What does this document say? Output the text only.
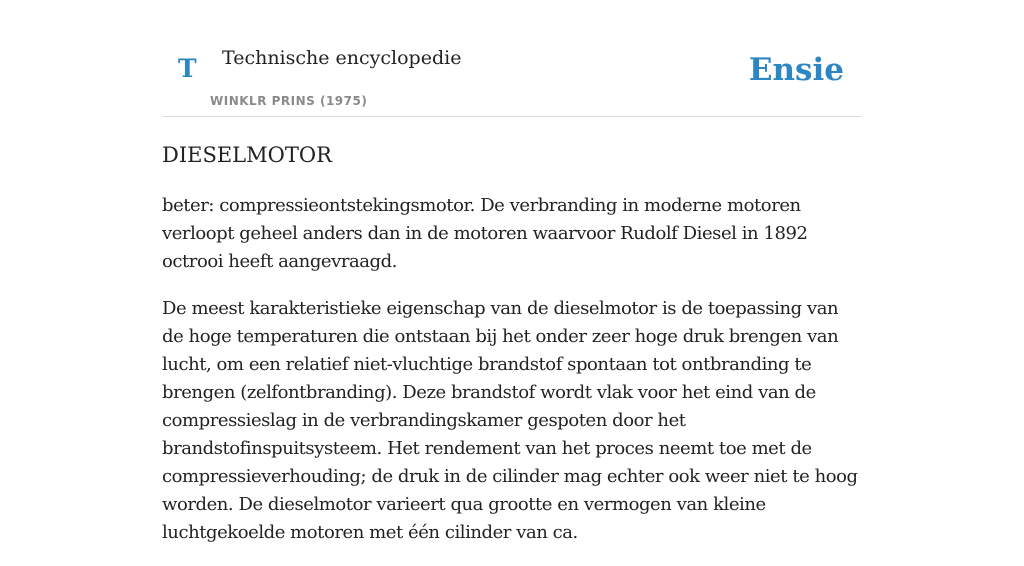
T Technische encyclopedie
WINKLR PRINS (1975)
Ensie
DIESELMOTOR

beter: compressieontstekingsmotor. De verbranding in moderne motoren verloopt geheel anders dan in de motoren waarvoor Rudolf Diesel in 1892 octrooi heeft aangevraagd.

De meest karakteristieke eigenschap van de dieselmotor is de toepassing van de hoge temperaturen die ontstaan bij het onder zeer hoge druk brengen van lucht, om een relatief niet-vluchtige brandstof spontaan tot ontbranding te brengen (zelfontbranding). Deze brandstof wordt vlak voor het eind van de compressieslag in de verbrandingskamer gespoten door het brandstofinspuitsysteem. Het rendement van het proces neemt toe met de compressieverhouding; de druk in de cilinder mag echter ook weer niet te hoog worden. De dieselmotor varieert qua grootte en vermogen van kleine luchtgekoelde motoren met één cilinder van ca.
